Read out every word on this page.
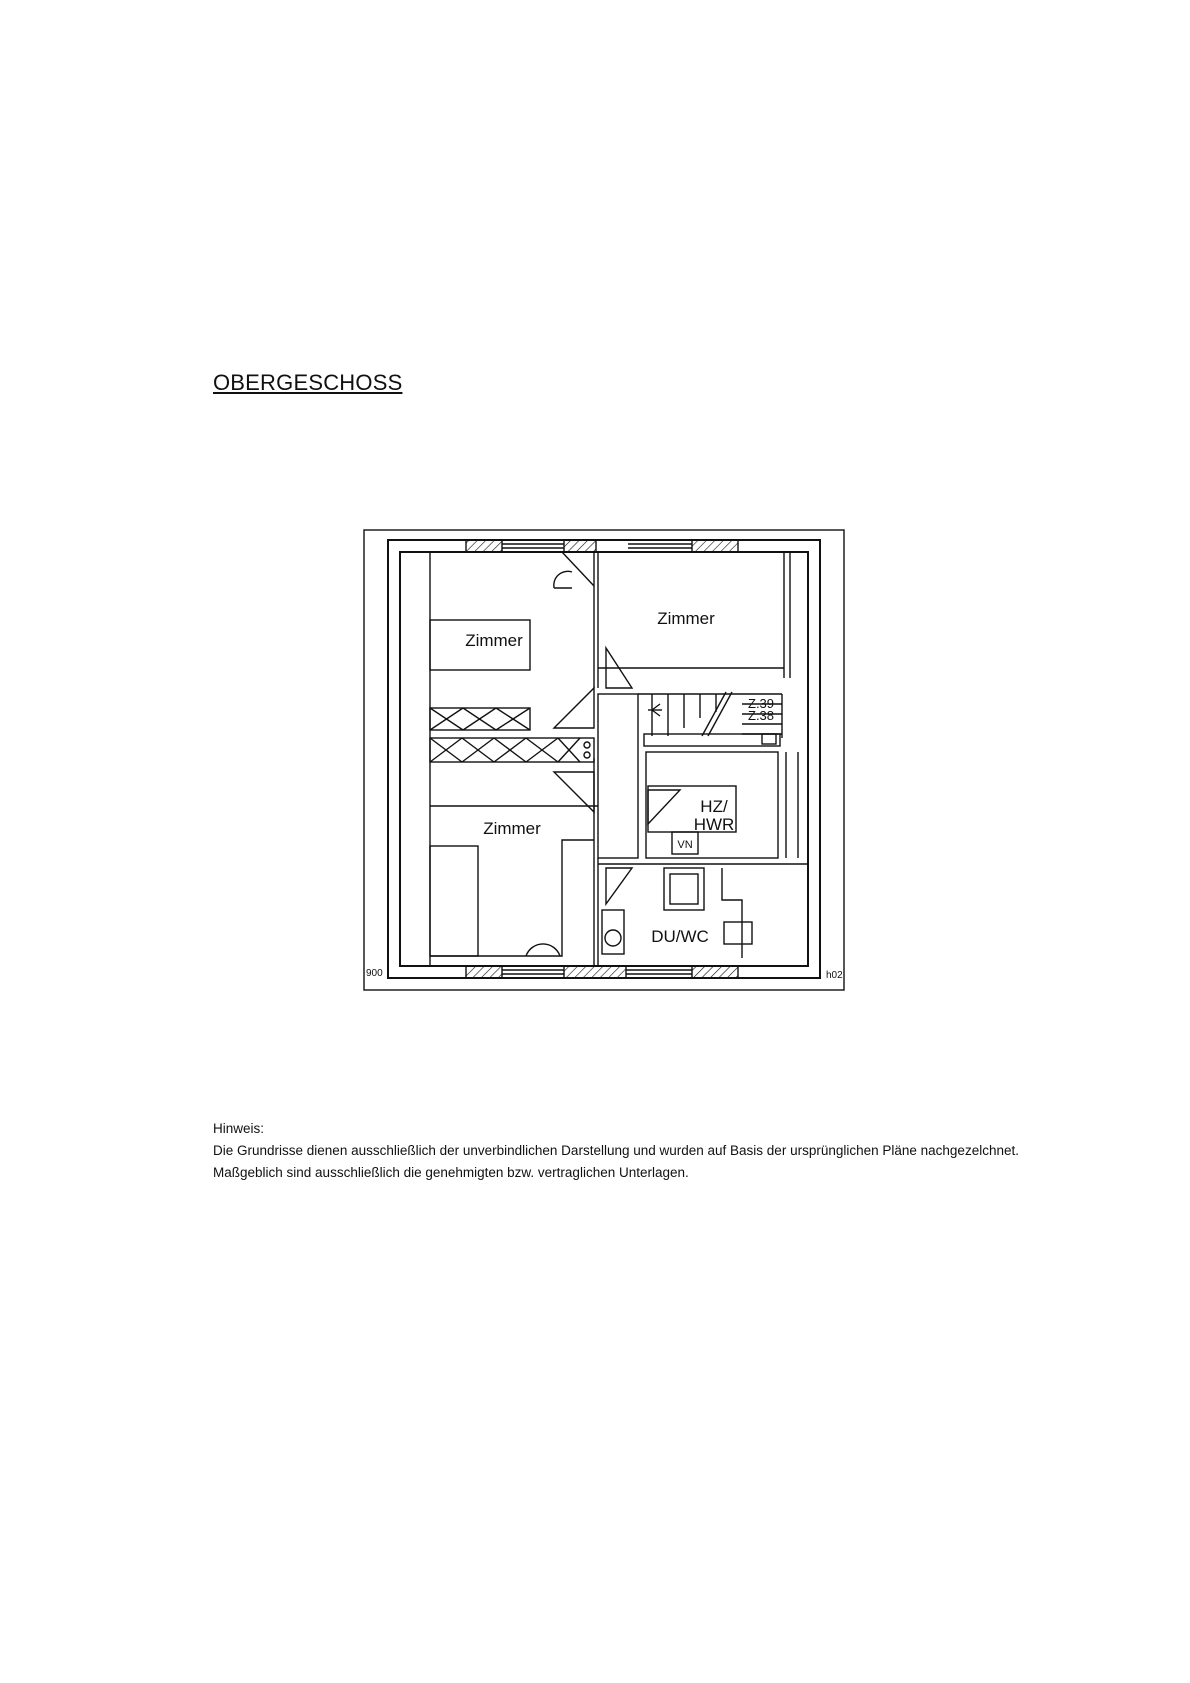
OBERGESCHOSS
Zimmer
Zimmer
Zimmer
HZ/
HWR
VN
DU/WC
Z.39
Z.38
900	h02
Hinweis:
Die Grundrisse dienen ausschließlich der unverbindlichen Darstellung und wurden auf Basis der ursprünglichen Pläne nachgezelchnet.
Maßgeblich sind ausschließlich die genehmigten bzw. vertraglichen Unterlagen.
